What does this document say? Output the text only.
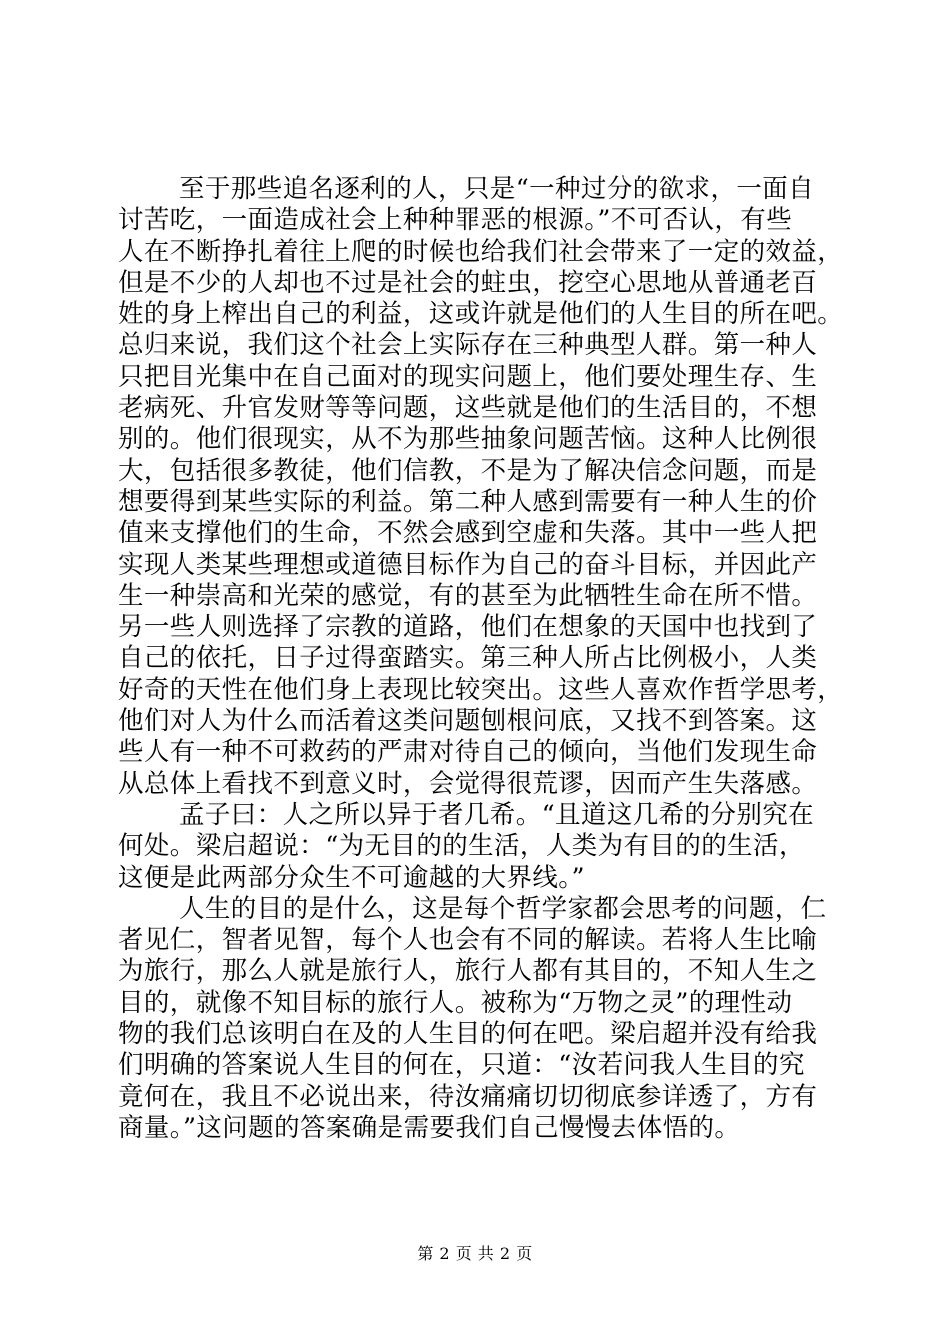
至于那些追名逐利的人，只是“一种过分的欲求，一面自
讨苦吃，一面造成社会上种种罪恶的根源。”不可否认，有些
人在不断挣扎着往上爬的时候也给我们社会带来了一定的效益，
但是不少的人却也不过是社会的蛀虫，挖空心思地从普通老百
姓的身上榨出自己的利益，这或许就是他们的人生目的所在吧。
总归来说，我们这个社会上实际存在三种典型人群。第一种人
只把目光集中在自己面对的现实问题上，他们要处理生存、生
老病死、升官发财等等问题，这些就是他们的生活目的，不想
别的。他们很现实，从不为那些抽象问题苦恼。这种人比例很
大，包括很多教徒，他们信教，不是为了解决信念问题，而是
想要得到某些实际的利益。第二种人感到需要有一种人生的价
值来支撑他们的生命，不然会感到空虚和失落。其中一些人把
实现人类某些理想或道德目标作为自己的奋斗目标，并因此产
生一种崇高和光荣的感觉，有的甚至为此牺牲生命在所不惜。
另一些人则选择了宗教的道路，他们在想象的天国中也找到了
自己的依托，日子过得蛮踏实。第三种人所占比例极小，人类
好奇的天性在他们身上表现比较突出。这些人喜欢作哲学思考，
他们对人为什么而活着这类问题刨根问底，又找不到答案。这
些人有一种不可救药的严肃对待自己的倾向，当他们发现生命
从总体上看找不到意义时，会觉得很荒谬，因而产生失落感。
孟子曰：人之所以异于者几希。“且道这几希的分别究在
何处。梁启超说：“为无目的的生活，人类为有目的的生活，
这便是此两部分众生不可逾越的大界线。”
人生的目的是什么，这是每个哲学家都会思考的问题，仁
者见仁，智者见智，每个人也会有不同的解读。若将人生比喻
为旅行，那么人就是旅行人，旅行人都有其目的，不知人生之
目的，就像不知目标的旅行人。被称为“万物之灵”的理性动
物的我们总该明白在及的人生目的何在吧。梁启超并没有给我
们明确的答案说人生目的何在，只道：“汝若问我人生目的究
竟何在，我且不必说出来，待汝痛痛切切彻底参详透了，方有
商量。”这问题的答案确是需要我们自己慢慢去体悟的。
第 2 页 共 2 页
